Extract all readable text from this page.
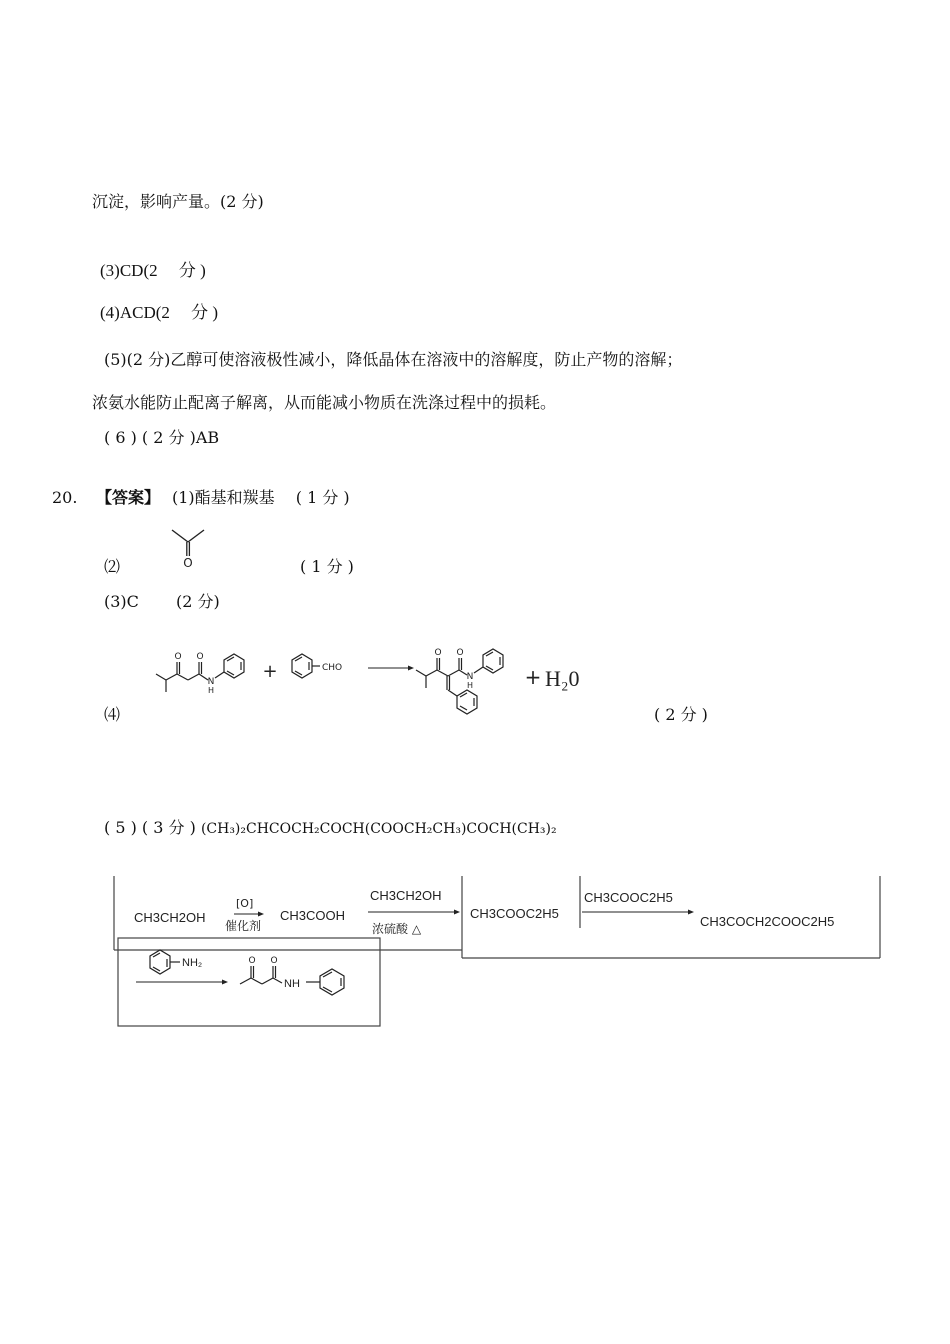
沉淀，影响产量。(2 分)
(3)CD(2　 分 )
(4)ACD(2　 分 )
(5)(2 分)乙醇可使溶液极性减小，降低晶体在溶液中的溶解度，防止产物的溶解；
浓氨水能防止配离子解离，从而能减小物质在洗涤过程中的损耗。
( 6 ) ( 2 分 )AB
20. 【答案】 (1)酯基和羰基　 ( 1 分 )
⑵	O	( 1 分 )
(3)C　　 (2 分)
⑷
O O
N
H
+	CHO
O O
N
H	+ H₂0
( 2 分 )
( 5 ) ( 3 分 ) (CH₃)₂CHCOCH₂COCH(COOCH₂CH₃)COCH(CH₃)₂
CH3CH2OH
[O]
催化剂
CH3COOH
CH3CH2OH
浓硫酸 △
CH3COOC2H5
CH3COOC2H5
CH3COCH2COOC2H5
NH₂	O O
NH
